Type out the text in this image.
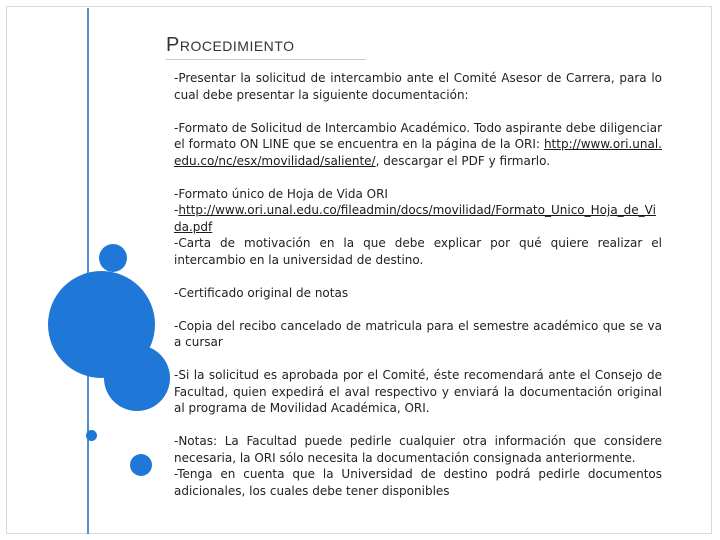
Procedimiento

-Presentar la solicitud de intercambio ante el Comité Asesor de Carrera, para lo cual debe presentar la siguiente documentación:

-Formato de Solicitud de Intercambio Académico. Todo aspirante debe diligenciar el formato ON LINE que se encuentra en la página de la ORI: http://www.ori.unal.edu.co/nc/esx/movilidad/saliente/, descargar el PDF y firmarlo.

-Formato único de Hoja de Vida ORI
-http://www.ori.unal.edu.co/fileadmin/docs/movilidad/Formato_Unico_Hoja_de_Vida.pdf
-Carta de motivación en la que debe explicar por qué quiere realizar el intercambio en la universidad de destino.

-Certificado original de notas

-Copia del recibo cancelado de matricula para el semestre académico que se va a cursar

-Si la solicitud es aprobada por el Comité, éste recomendará ante el Consejo de Facultad, quien expedirá el aval respectivo y enviará la documentación original al programa de Movilidad Académica, ORI.

-Notas: La Facultad puede pedirle cualquier otra información que considere necesaria, la ORI sólo necesita la documentación consignada anteriormente.

-Tenga en cuenta que la Universidad de destino podrá pedirle documentos adicionales, los cuales debe tener disponibles
